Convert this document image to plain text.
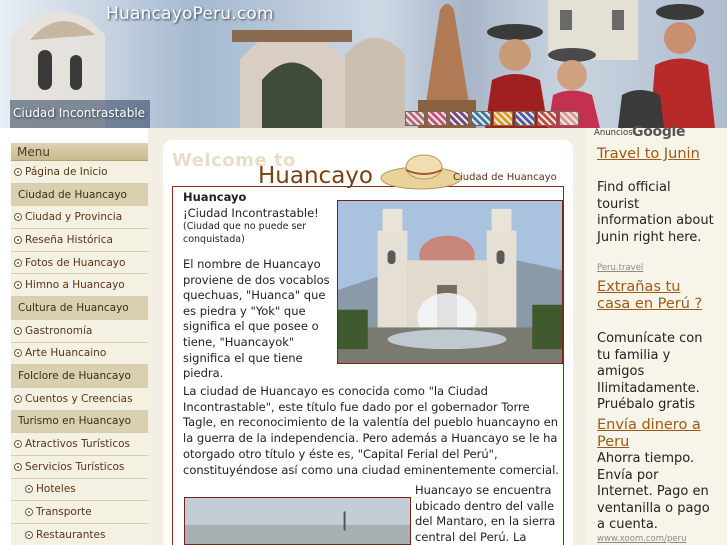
HuancayoPeru.com
Ciudad Incontrastable
Menu
Página de Inicio
Ciudad de Huancayo
Ciudad y Provincia
Reseña Histórica
Fotos de Huancayo
Himno a Huancayo
Cultura de Huancayo
Gastronomía
Arte Huancaino
Folclore de Huancayo
Cuentos y Creencias
Turismo en Huancayo
Atractivos Turísticos
Servicios Turísticos
Hoteles
Transporte
Restaurantes
Welcome to
Huancayo	Ciudad de Huancayo
Huancayo
¡Ciudad Incontrastable!
(Ciudad que no puede ser conquistada)
El nombre de Huancayo proviene de dos vocablos quechuas, "Huanca" que es piedra y "Yok" que significa el que posee o tiene, "Huancayok" significa el que tiene piedra.
La ciudad de Huancayo es conocida como "la Ciudad Incontrastable", este título fue dado por el gobernador Torre Tagle, en reconocimiento de la valentía del pueblo huancayno en la guerra de la independencia. Pero además a Huancayo se le ha otorgado otro título y éste es, "Capital Ferial del Perú", constituyéndose así como una ciudad eminentemente comercial.
Huancayo se encuentra ubicado dentro del valle del Mantaro, en la sierra central del Perú. La
Anuncios Google
Travel to Junin
Find official tourist information about Junin right here.
Peru.travel
Extrañas tu casa en Perú ?
Comunícate con tu familia y amigos Ilimitadamente. Pruébalo gratis
Envía dinero a Peru
Ahorra tiempo. Envía por Internet. Pago en ventanilla o pago a cuenta.
www.xoom.com/peru
